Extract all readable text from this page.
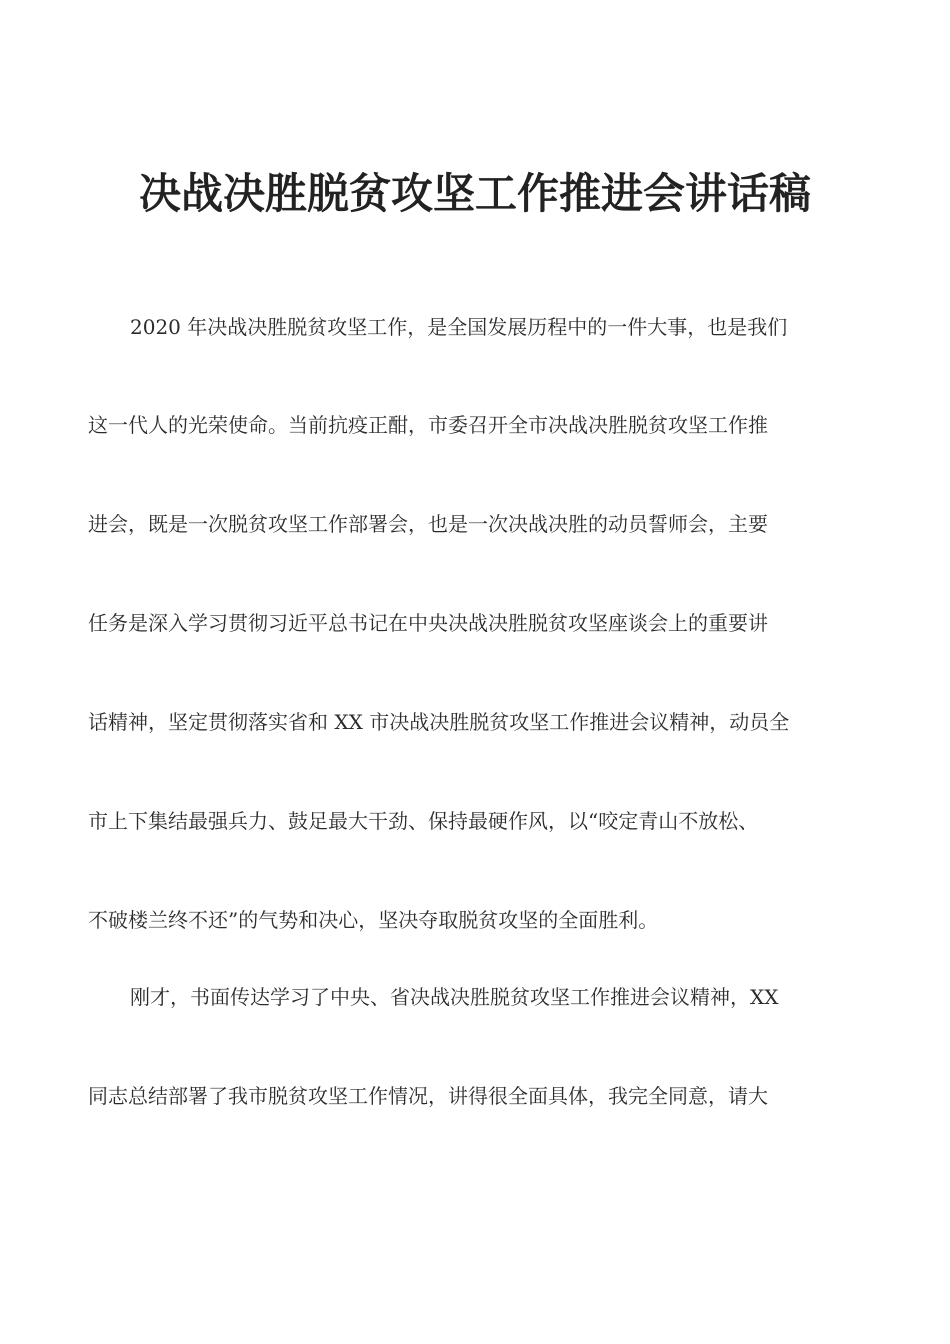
决战决胜脱贫攻坚工作推进会讲话稿
2020 年决战决胜脱贫攻坚工作，是全国发展历程中的一件大事，也是我们
这一代人的光荣使命。当前抗疫正酣，市委召开全市决战决胜脱贫攻坚工作推
进会，既是一次脱贫攻坚工作部署会，也是一次决战决胜的动员誓师会，主要
任务是深入学习贯彻习近平总书记在中央决战决胜脱贫攻坚座谈会上的重要讲
话精神，坚定贯彻落实省和 XX 市决战决胜脱贫攻坚工作推进会议精神，动员全
市上下集结最强兵力、鼓足最大干劲、保持最硬作风，以“咬定青山不放松、
不破楼兰终不还”的气势和决心，坚决夺取脱贫攻坚的全面胜利。
刚才，书面传达学习了中央、省决战决胜脱贫攻坚工作推进会议精神，XX
同志总结部署了我市脱贫攻坚工作情况，讲得很全面具体，我完全同意，请大
